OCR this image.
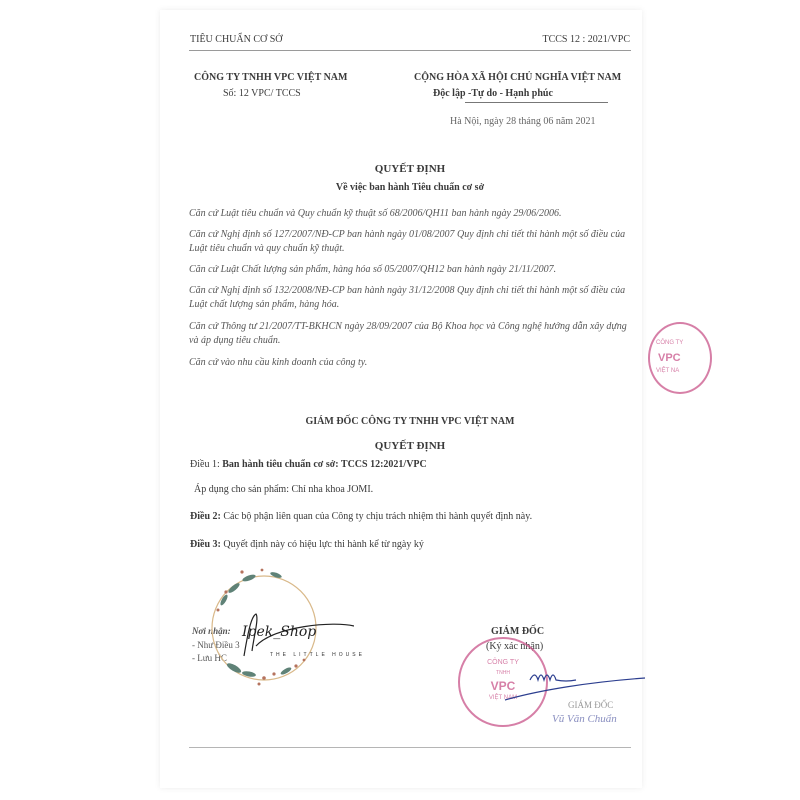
TIÊU CHUẨN CƠ SỞ	TCCS 12 : 2021/VPC
CÔNG TY TNHH VPC VIỆT NAM
Số: 12 VPC/ TCCS
CỘNG HÒA XÃ HỘI CHỦ NGHĨA VIỆT NAM
Độc lập -Tự do - Hạnh phúc
Hà Nội, ngày 28 tháng 06 năm 2021
QUYẾT ĐỊNH
Về việc ban hành Tiêu chuẩn cơ sở
Căn cứ Luật tiêu chuẩn và Quy chuẩn kỹ thuật số 68/2006/QH11 ban hành ngày 29/06/2006.
Căn cứ Nghị định số 127/2007/NĐ-CP ban hành ngày 01/08/2007 Quy định chi tiết thi hành một số điều của Luật tiêu chuẩn và quy chuẩn kỹ thuật.
Căn cứ Luật Chất lượng sản phẩm, hàng hóa số 05/2007/QH12 ban hành ngày 21/11/2007.
Căn cứ Nghị định số 132/2008/NĐ-CP ban hành ngày 31/12/2008 Quy định chi tiết thi hành một số điều của Luật chất lượng sản phẩm, hàng hóa.
Căn cứ Thông tư 21/2007/TT-BKHCN ngày 28/09/2007 của Bộ Khoa học và Công nghệ hướng dẫn xây dựng và áp dụng tiêu chuẩn.
Căn cứ vào nhu cầu kinh doanh của công ty.
GIÁM ĐỐC CÔNG TY TNHH VPC VIỆT NAM
QUYẾT ĐỊNH
Điều 1: Ban hành tiêu chuẩn cơ sở: TCCS 12:2021/VPC
Áp dụng cho sản phẩm: Chỉ nha khoa JOMI.
Điều 2: Các bộ phận liên quan của Công ty chịu trách nhiệm thi hành quyết định này.
Điều 3: Quyết định này có hiệu lực thi hành kể từ ngày ký
Nơi nhận:
- Như Điều 3
- Lưu HC
Ipek_Shop
THE LITTLE HOUSE
GIÁM ĐỐC
(Ký xác nhận)
CÔNG TY
TNHH
VPC
VIỆT NAM
GIÁM ĐỐC
Vũ Văn Chuẩn
CÔNG TY
VPC
VIỆT NA
